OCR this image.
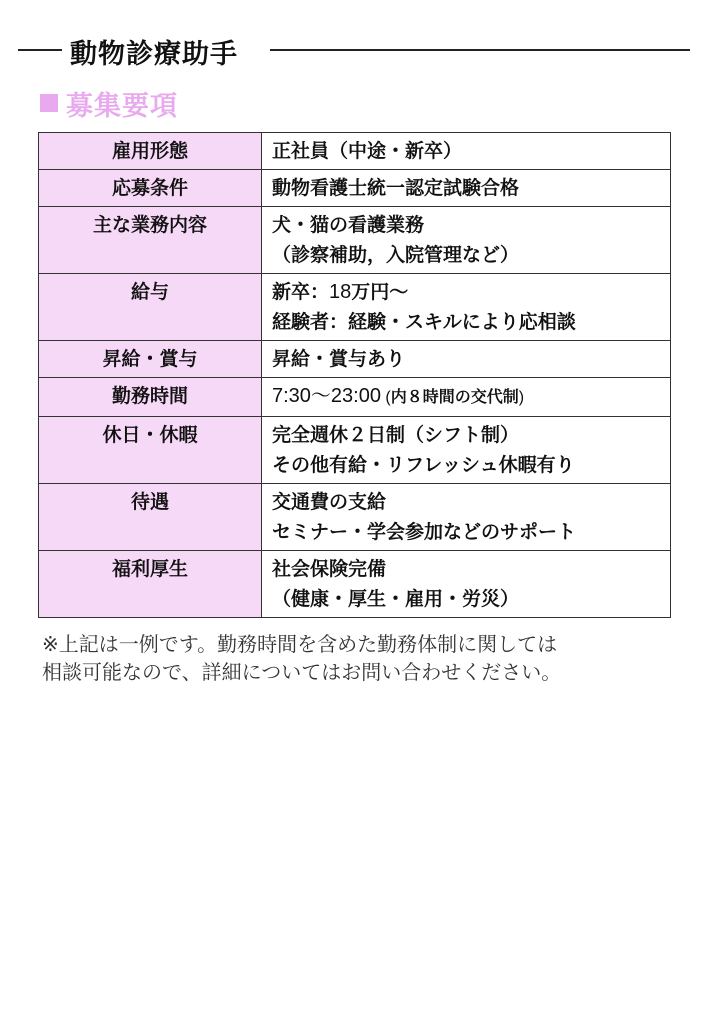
動物診療助手
募集要項
雇用形態	正社員（中途・新卒）

応募条件	動物看護士統一認定試験合格

主な業務内容	犬・猫の看護業務
（診察補助，入院管理など）

給与	新卒：18万円～
経験者：経験・スキルにより応相談

昇給・賞与	昇給・賞与あり

勤務時間	7:30～23:00 (内８時間の交代制)

休日・休暇	完全週休２日制（シフト制）
その他有給・リフレッシュ休暇有り

待遇	交通費の支給
セミナー・学会参加などのサポート

福利厚生	社会保険完備
（健康・厚生・雇用・労災）
※上記は一例です。勤務時間を含めた勤務体制に関しては
相談可能なので、詳細についてはお問い合わせください。
